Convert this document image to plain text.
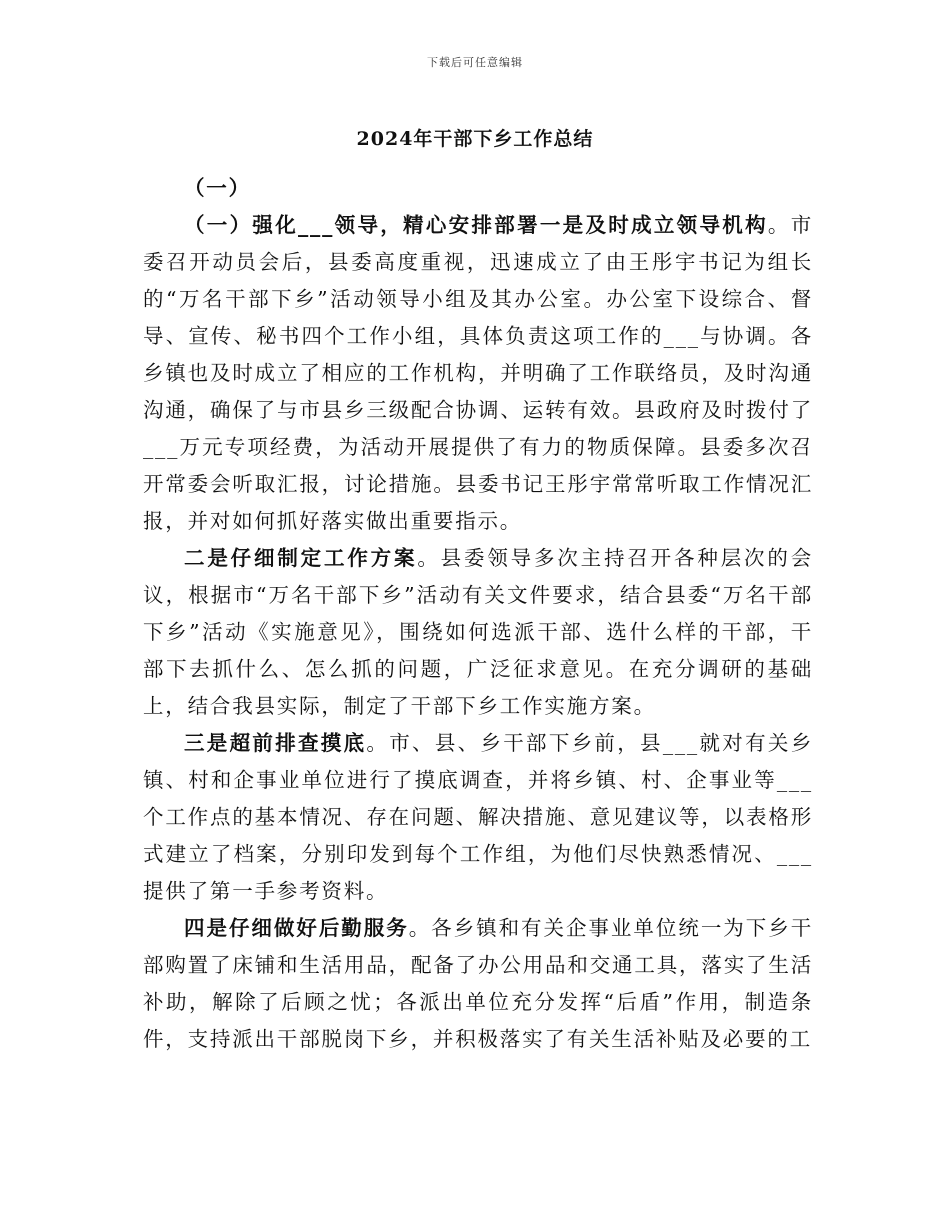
下载后可任意编辑
2024年干部下乡工作总结

（一）

（一）强化___领导，精心安排部署一是及时成立领导机构。市委召开动员会后，县委高度重视，迅速成立了由王彤宇书记为组长的“万名干部下乡”活动领导小组及其办公室。办公室下设综合、督导、宣传、秘书四个工作小组，具体负责这项工作的___与协调。各乡镇也及时成立了相应的工作机构，并明确了工作联络员，及时沟通沟通，确保了与市县乡三级配合协调、运转有效。县政府及时拨付了___万元专项经费，为活动开展提供了有力的物质保障。县委多次召开常委会听取汇报，讨论措施。县委书记王彤宇常常听取工作情况汇报，并对如何抓好落实做出重要指示。

二是仔细制定工作方案。县委领导多次主持召开各种层次的会议，根据市“万名干部下乡”活动有关文件要求，结合县委“万名干部下乡”活动《实施意见》，围绕如何选派干部、选什么样的干部，干部下去抓什么、怎么抓的问题，广泛征求意见。在充分调研的基础上，结合我县实际，制定了干部下乡工作实施方案。

三是超前排查摸底。市、县、乡干部下乡前，县___就对有关乡镇、村和企事业单位进行了摸底调查，并将乡镇、村、企事业等___个工作点的基本情况、存在问题、解决措施、意见建议等，以表格形式建立了档案，分别印发到每个工作组，为他们尽快熟悉情况、___提供了第一手参考资料。

四是仔细做好后勤服务。各乡镇和有关企事业单位统一为下乡干部购置了床铺和生活用品，配备了办公用品和交通工具，落实了生活补助，解除了后顾之忧；各派出单位充分发挥“后盾”作用，制造条件，支持派出干部脱岗下乡，并积极落实了有关生活补贴及必要的工
